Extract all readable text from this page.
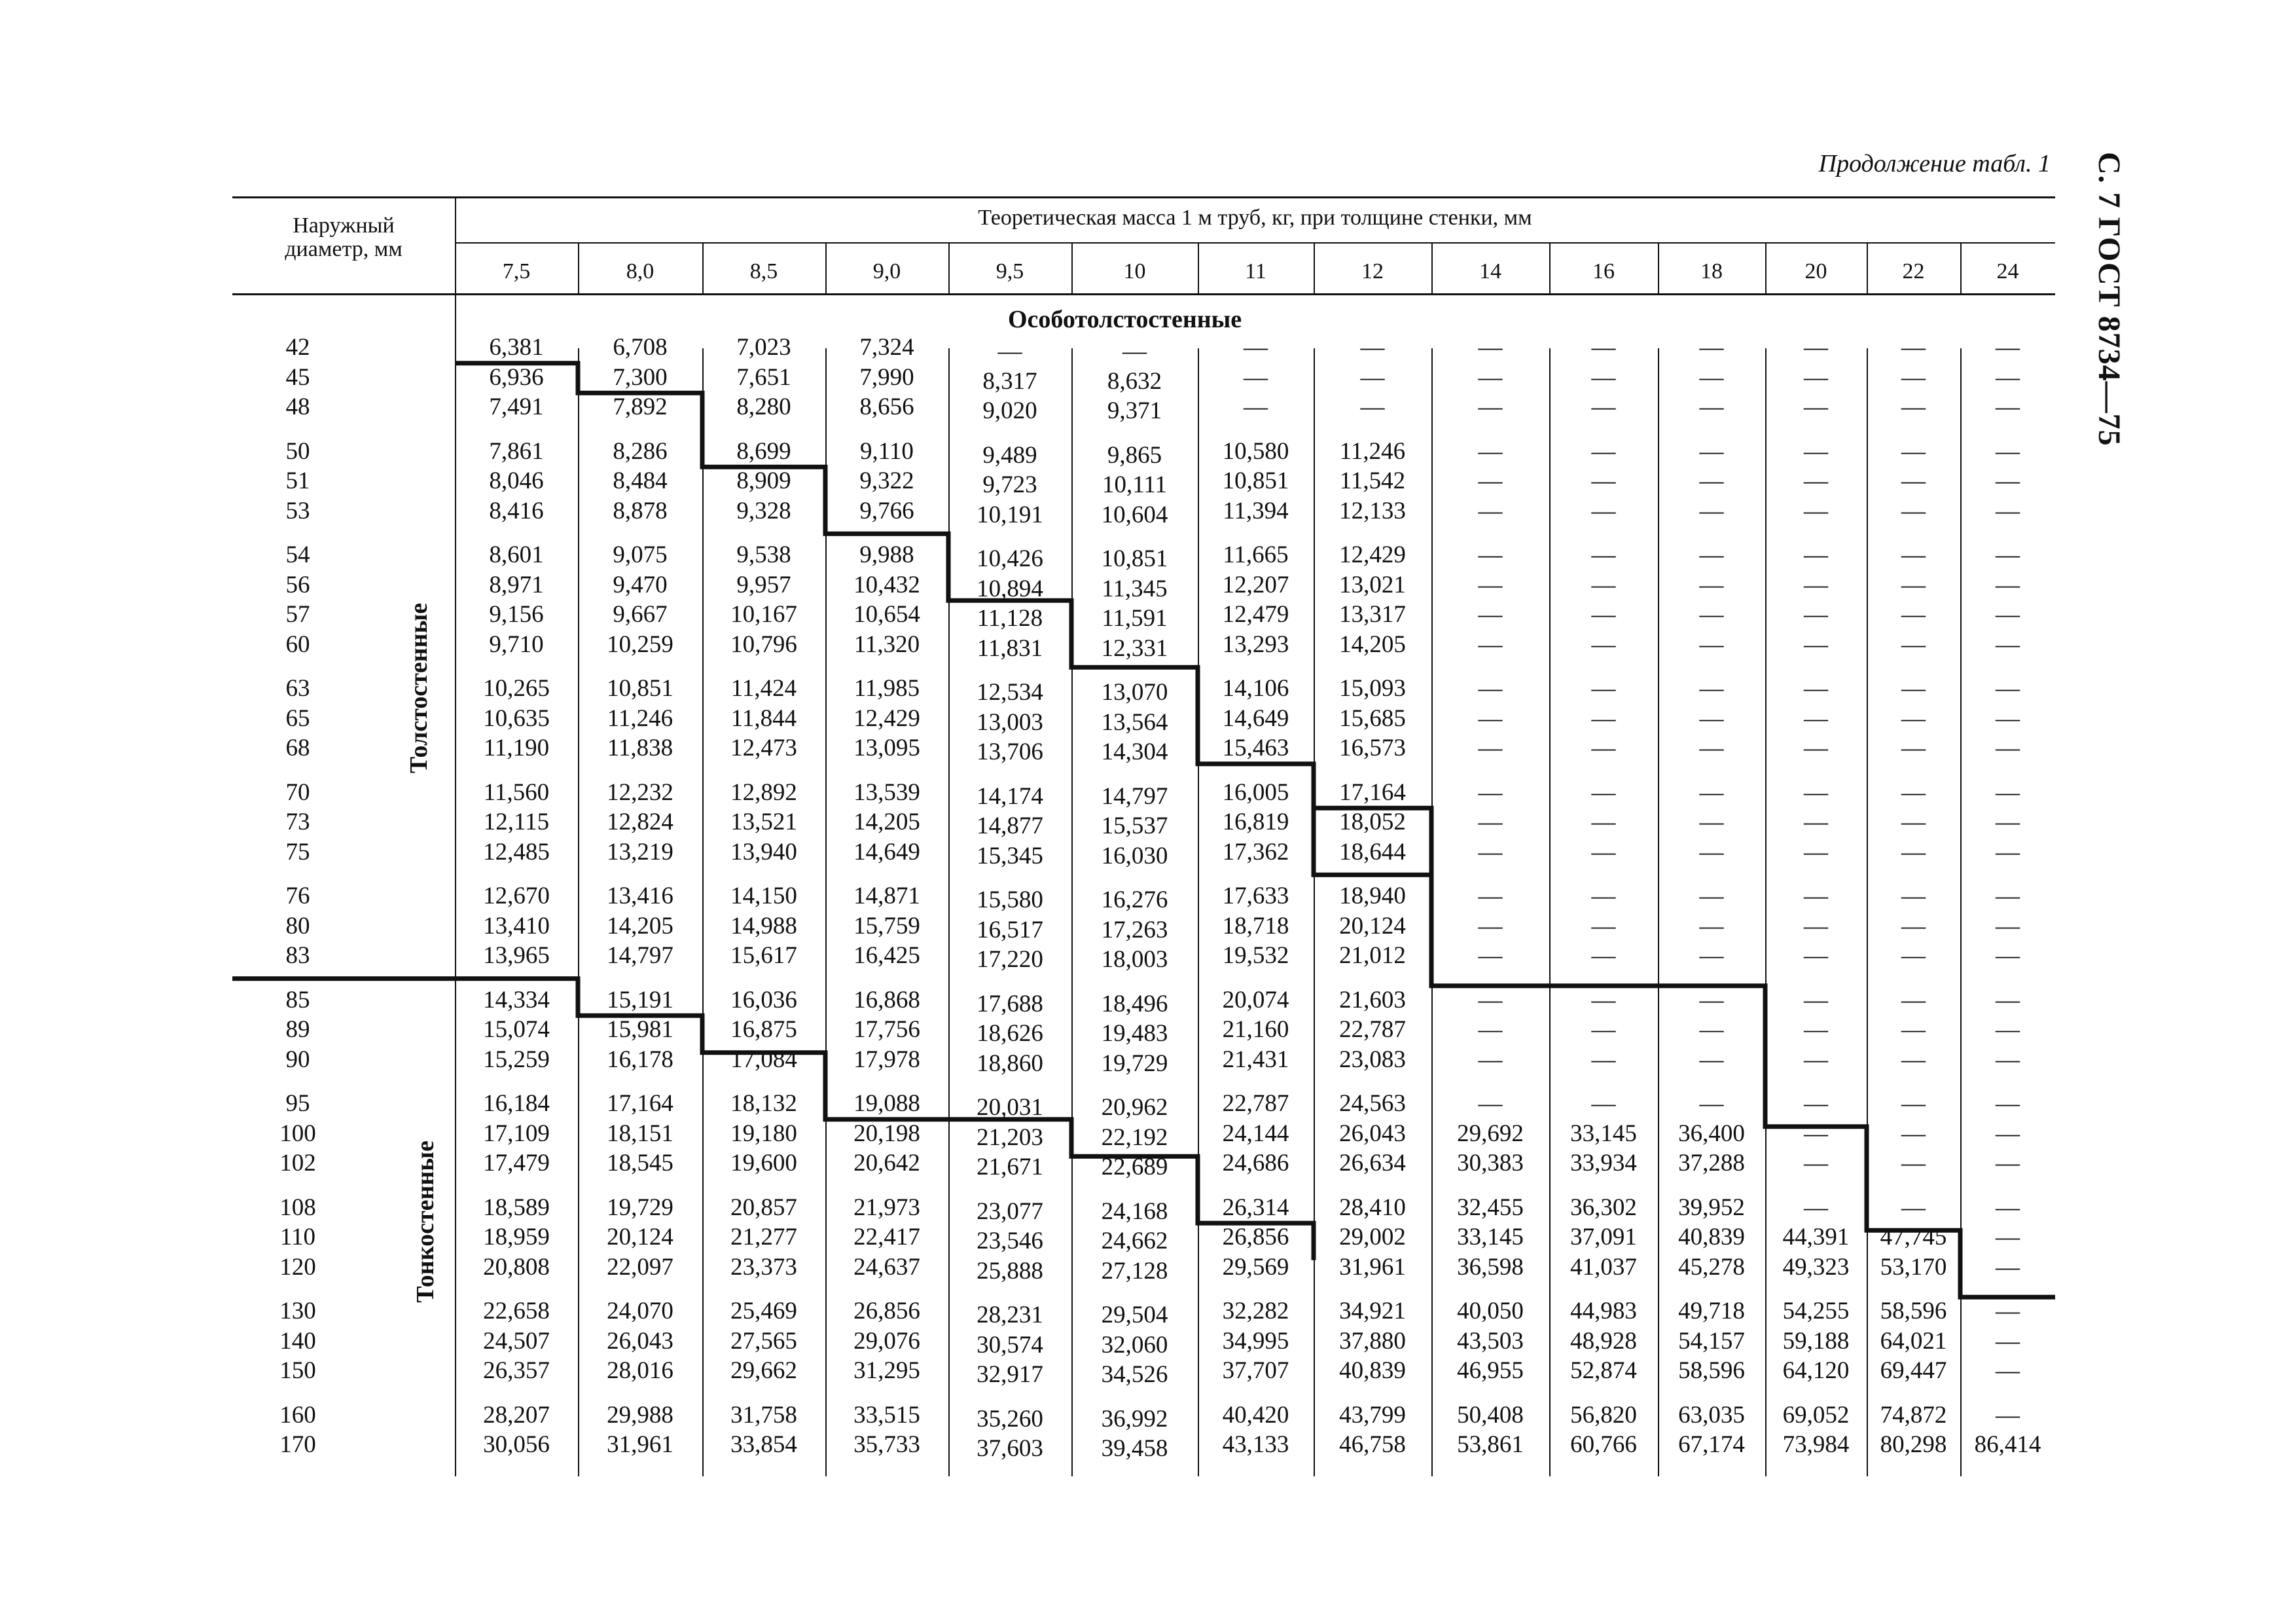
Продолжение табл. 1 С. 7 ГОСТ 8734—75
Наружный
диаметр, мм
Теоретическая масса 1 м труб, кг, при толщине стенки, мм
Особотолстостенные
42	6,381	6,708	7,023	7,324	—	—	—	—	—	—	—	—	—	—
45	6,936	7,300	7,651	7,990	8,317	8,632	—	—	—	—	—	—	—	—
48	7,491	7,892	8,280	8,656	9,020	9,371	—	—	—	—	—	—	—	—
50	7,861	8,286	8,699	9,110	9,489	9,865	10,580	11,246	—	—	—	—	—	—
51	8,046	8,484	8,909	9,322	9,723	10,111	10,851	11,542	—	—	—	—	—	—
53	8,416	8,878	9,328	9,766	10,191	10,604	11,394	12,133	—	—	—	—	—	—
54	8,601	9,075	9,538	9,988	10,426	10,851	11,665	12,429	—	—	—	—	—	—
56	8,971	9,470	9,957	10,432	10,894	11,345	12,207	13,021	—	—	—	—	—	—
57	9,156	9,667	10,167	10,654	11,128	11,591	12,479	13,317	—	—	—	—	—	—
60	9,710	10,259	10,796	11,320	11,831	12,331	13,293	14,205	—	—	—	—	—	—
63	10,265	10,851	11,424	11,985	12,534	13,070	14,106	15,093	—	—	—	—	—	—
65	10,635	11,246	11,844	12,429	13,003	13,564	14,649	15,685	—	—	—	—	—	—
68	11,190	11,838	12,473	13,095	13,706	14,304	15,463	16,573	—	—	—	—	—	—
70	11,560	12,232	12,892	13,539	14,174	14,797	16,005	17,164	—	—	—	—	—	—
73	12,115	12,824	13,521	14,205	14,877	15,537	16,819	18,052	—	—	—	—	—	—
75	12,485	13,219	13,940	14,649	15,345	16,030	17,362	18,644	—	—	—	—	—	—
76	12,670	13,416	14,150	14,871	15,580	16,276	17,633	18,940	—	—	—	—	—	—
80	13,410	14,205	14,988	15,759	16,517	17,263	18,718	20,124	—	—	—	—	—	—
83	13,965	14,797	15,617	16,425	17,220	18,003	19,532	21,012	—	—	—	—	—	—
85	14,334	15,191	16,036	16,868	17,688	18,496	20,074	21,603	—	—	—	—	—	—
89	15,074	15,981	16,875	17,756	18,626	19,483	21,160	22,787	—	—	—	—	—	—
90	15,259	16,178	17,084	17,978	18,860	19,729	21,431	23,083	—	—	—	—	—	—
95	16,184	17,164	18,132	19,088	20,031	20,962	22,787	24,563	—	—	—	—	—	—
100	17,109	18,151	19,180	20,198	21,203	22,192	24,144	26,043	29,692	33,145	36,400	—	—	—
102	17,479	18,545	19,600	20,642	21,671	22,689	24,686	26,634	30,383	33,934	37,288	—	—	—
108	18,589	19,729	20,857	21,973	23,077	24,168	26,314	28,410	32,455	36,302	39,952	—	—	—
110	18,959	20,124	21,277	22,417	23,546	24,662	26,856	29,002	33,145	37,091	40,839	44,391	47,745	—
120	20,808	22,097	23,373	24,637	25,888	27,128	29,569	31,961	36,598	41,037	45,278	49,323	53,170	—
130	22,658	24,070	25,469	26,856	28,231	29,504	32,282	34,921	40,050	44,983	49,718	54,255	58,596	—
140	24,507	26,043	27,565	29,076	30,574	32,060	34,995	37,880	43,503	48,928	54,157	59,188	64,021	—
150	26,357	28,016	29,662	31,295	32,917	34,526	37,707	40,839	46,955	52,874	58,596	64,120	69,447	—
160	28,207	29,988	31,758	33,515	35,260	36,992	40,420	43,799	50,408	56,820	63,035	69,052	74,872	—
170	30,056	31,961	33,854	35,733	37,603	39,458	43,133	46,758	53,861	60,766	67,174	73,984	80,298	86,414
7,5	8,0	8,5	9,0	9,5	10	11	12	14	16	18	20	22	24
Толстостенные
Тонкостенные
